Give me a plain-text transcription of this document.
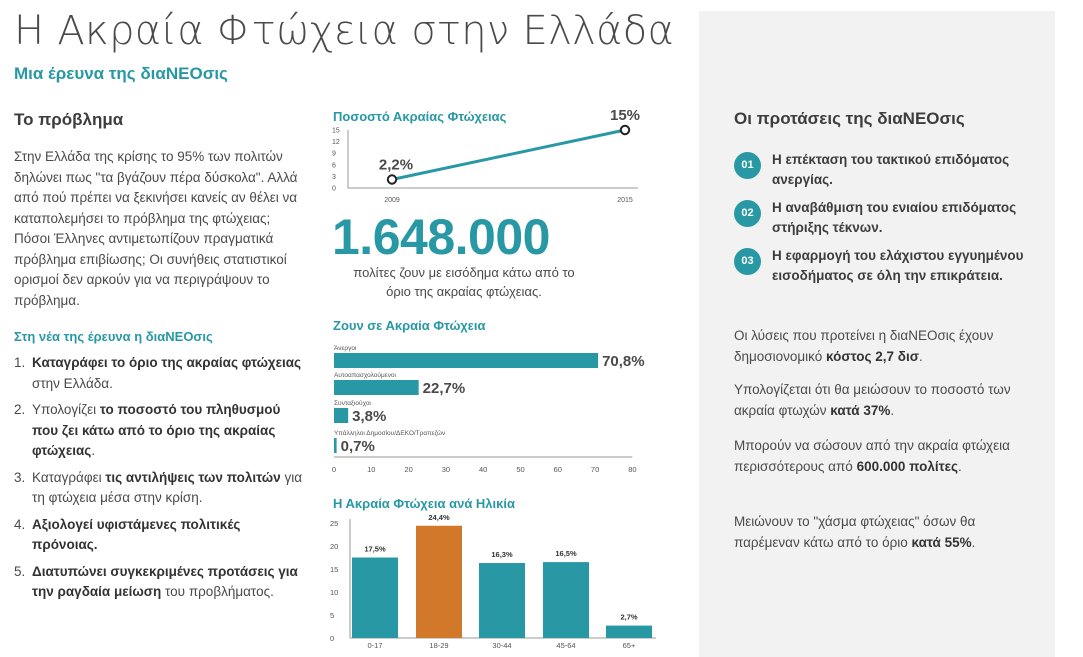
Η Ακραία Φτώχεια στην Ελλάδα
Μια έρευνα της διαΝΕΟσις
Το πρόβλημα
Στην Ελλάδα της κρίσης το 95% των πολιτών δηλώνει πως "τα βγάζουν πέρα δύσκολα". Αλλά από πού πρέπει να ξεκινήσει κανείς αν θέλει να καταπολεμήσει το πρόβλημα της φτώχειας; Πόσοι Έλληνες αντιμετωπίζουν πραγματικά πρόβλημα επιβίωσης; Οι συνήθεις στατιστικοί ορισμοί δεν αρκούν για να περιγράψουν το πρόβλημα.
Στη νέα της έρευνα η διαΝΕΟσις
1. Καταγράφει το όριο της ακραίας φτώχειας στην Ελλάδα.
2. Υπολογίζει το ποσοστό του πληθυσμού που ζει κάτω από το όριο της ακραίας φτώχειας.
3. Καταγράφει τις αντιλήψεις των πολιτών για τη φτώχεια μέσα στην κρίση.
4. Αξιολογεί υφιστάμενες πολιτικές πρόνοιας.
5. Διατυπώνει συγκεκριμένες προτάσεις για την ραγδαία μείωση του προβλήματος.
Ποσοστό Ακραίας Φτώχειας
15
12
9
6
3
0
2009	2015
2,2%
15%
1.648.000
πολίτες ζουν με εισόδημα κάτω από το όριο της ακραίας φτώχειας.
Ζουν σε Ακραία Φτώχεια
Άνεργοι
70,8%
Αυτοαπασχολούμενοι
22,7%
Συνταξιούχοι
3,8%
Υπάλληλοι Δημοσίου/ΔΕΚΟ/Τραπεζών
0,7%
0	10	20	30	40	50	60	70	80
Η Ακραία Φτώχεια ανά Ηλικία
25
20
15
10
5
0
17,5%
0-17
24,4%
18-29
16,3%
30-44
16,5%
45-64
2,7%
65+
Οι προτάσεις της διαΝΕΟσις
01	Η επέκταση του τακτικού επιδόματος ανεργίας.
02	Η αναβάθμιση του ενιαίου επιδόματος στήριξης τέκνων.
03	Η εφαρμογή του ελάχιστου εγγυημένου εισοδήματος σε όλη την επικράτεια.
Οι λύσεις που προτείνει η διαΝΕΟσις έχουν δημοσιονομικό κόστος 2,7 δισ.
Υπολογίζεται ότι θα μειώσουν το ποσοστό των ακραία φτωχών κατά 37%.
Μπορούν να σώσουν από την ακραία φτώχεια περισσότερους από 600.000 πολίτες.
Μειώνουν το "χάσμα φτώχειας" όσων θα παρέμεναν κάτω από το όριο κατά 55%.
